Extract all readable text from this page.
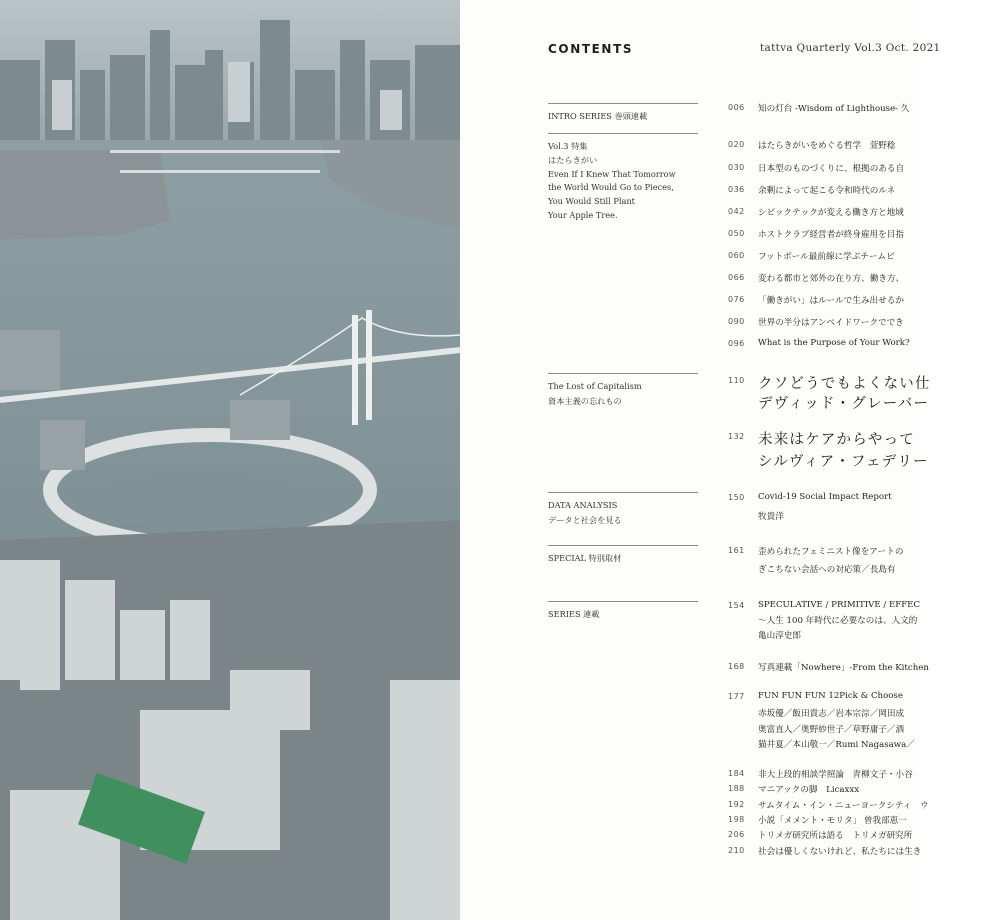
CONTENTS	tattva Quarterly Vol.3 Oct. 2021
INTRO SERIES 巻頭連載
Vol.3 特集
はたらきがい
Even If I Knew That Tomorrow
the World Would Go to Pieces,
You Would Still Plant
Your Apple Tree.
The Lost of Capitalism
資本主義の忘れもの
DATA ANALYSIS
データと社会を見る
SPECIAL 特別取材
SERIES 連載
006 知の灯台 -Wisdom of Lighthouse- 久
020 はたらきがいをめぐる哲学　萱野稔
030 日本型のものづくりに、根拠のある自
036 余剰によって起こる令和時代のルネ
042 シビックテックが変える働き方と地域
050 ホストクラブ経営者が終身雇用を目指
060 フットボール最前線に学ぶチームビ
066 変わる都市と郊外の在り方、働き方、
076 「働きがい」はルールで生み出せるか
090 世界の半分はアンペイドワークででき
096 What is the Purpose of Your Work?
110 クソどうでもよくない仕
デヴィッド・グレーバー
132 未来はケアからやって
シルヴィア・フェデリー
150 Covid-19 Social Impact Report
牧貴洋
161 歪められたフェミニスト像をアートの
ぎこちない会話への対応策／長島有
154 SPECULATIVE / PRIMITIVE / EFFEC
～人生 100 年時代に必要なのは、人文的
亀山淳史郎
168 写真連載「Nowhere」-From the Kitchen
177 FUN FUN FUN 12Pick & Choose
赤坂優／飯田貴志／岩本宗淙／岡田成
奥富直人／奥野紗世子／草野庸子／酒
猫井夏／本山敬一／Rumi Nagasawa／
184 非大上段的相談学照論　青柳文子・小谷
188 マニアックの脚　Licaxxx
192 サムタイム・イン・ニューヨークシティ　ウ
198 小説「メメント・モリタ」 曽我部恵一
206 トリメガ研究所は語る　トリメガ研究所
210 社会は優しくないけれど、私たちには生き
